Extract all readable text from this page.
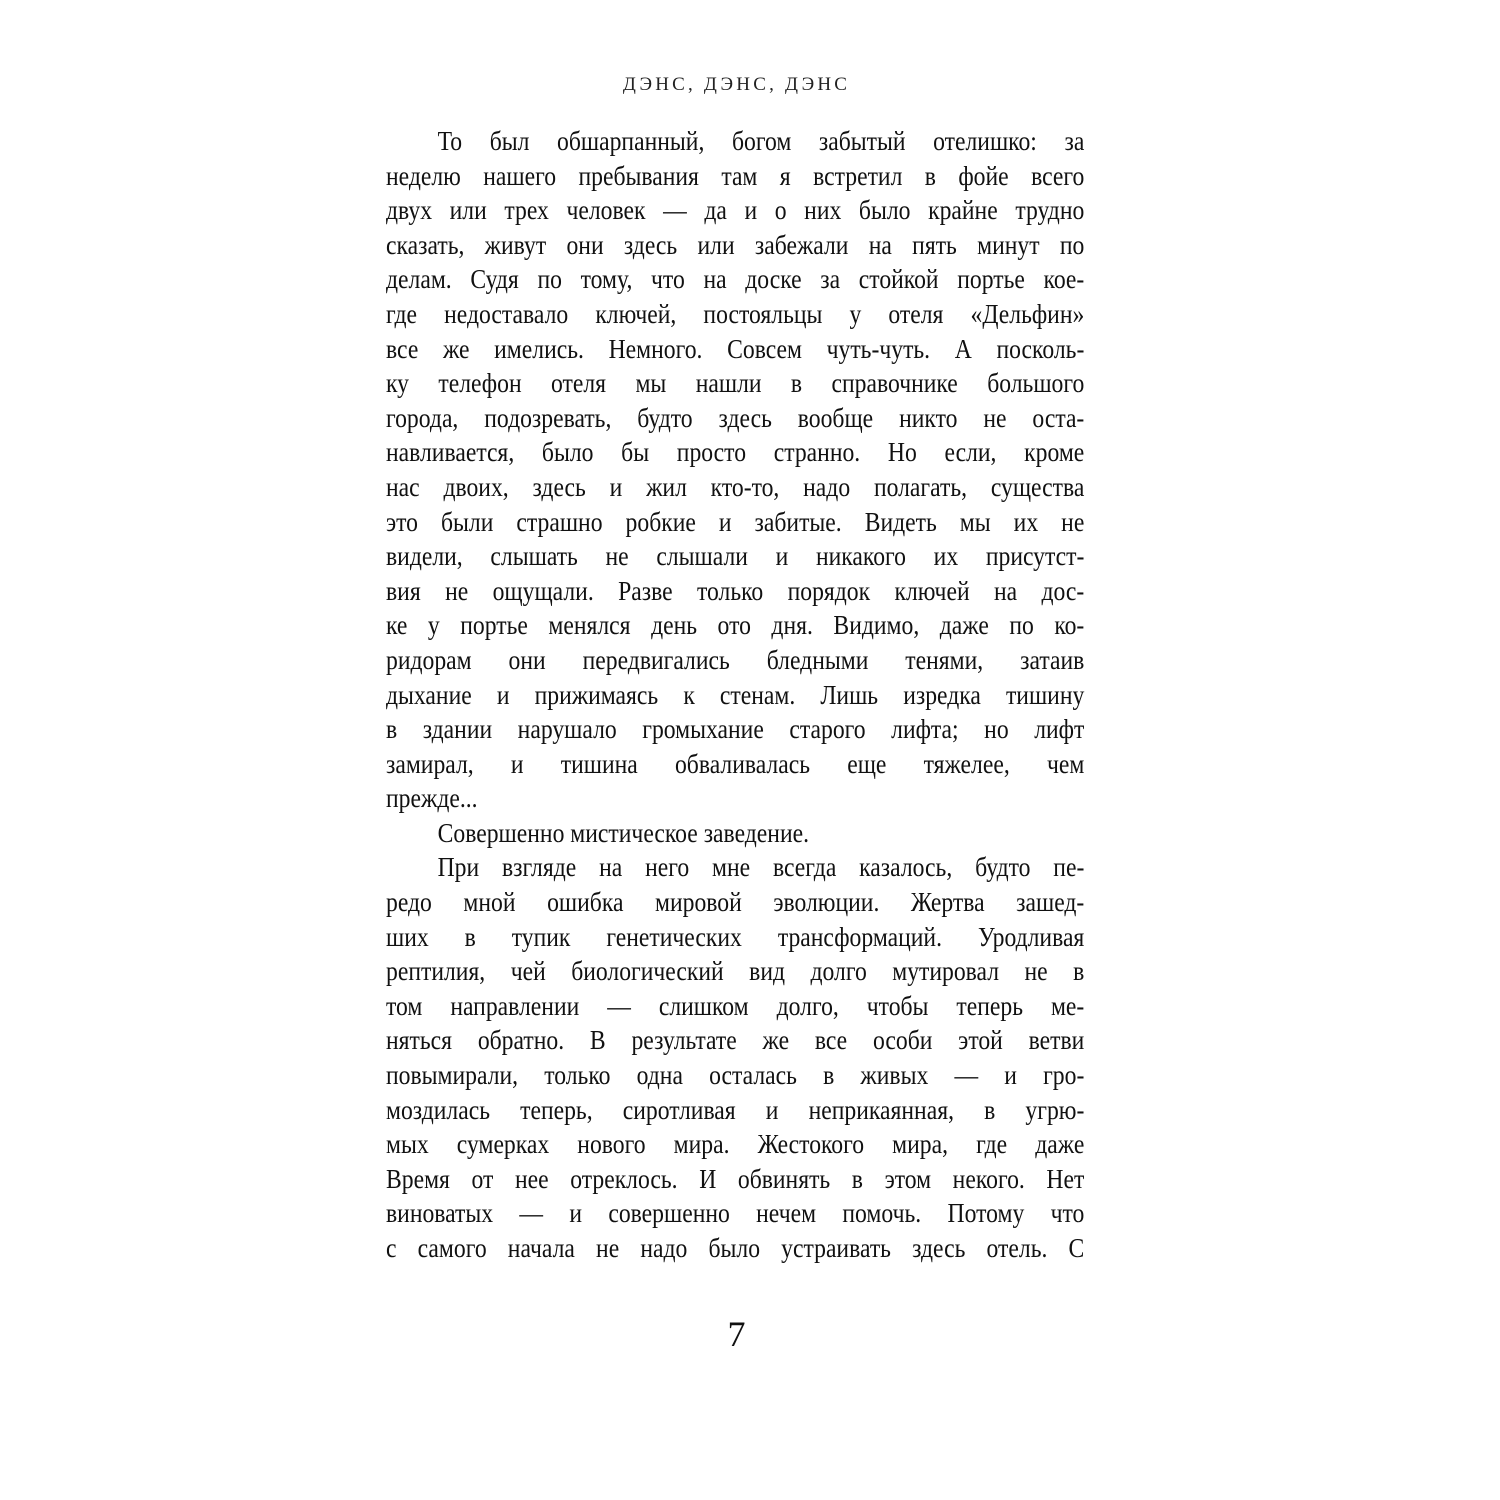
ДЭНС, ДЭНС, ДЭНС
То был обшарпанный, богом забытый отелишко: за
неделю нашего пребывания там я встретил в фойе всего
двух или трех человек — да и о них было крайне трудно
сказать, живут они здесь или забежали на пять минут по
делам. Судя по тому, что на доске за стойкой портье кое-
где недоставало ключей, постояльцы у отеля «Дельфин»
все же имелись. Немного. Совсем чуть-чуть. А посколь-
ку телефон отеля мы нашли в справочнике большого
города, подозревать, будто здесь вообще никто не оста-
навливается, было бы просто странно. Но если, кроме
нас двоих, здесь и жил кто-то, надо полагать, существа
это были страшно робкие и забитые. Видеть мы их не
видели, слышать не слышали и никакого их присутст-
вия не ощущали. Разве только порядок ключей на дос-
ке у портье менялся день ото дня. Видимо, даже по ко-
ридорам они передвигались бледными тенями, затаив
дыхание и прижимаясь к стенам. Лишь изредка тишину
в здании нарушало громыхание старого лифта; но лифт
замирал, и тишина обваливалась еще тяжелее, чем
прежде...
Совершенно мистическое заведение.
При взгляде на него мне всегда казалось, будто пе-
редо мной ошибка мировой эволюции. Жертва зашед-
ших в тупик генетических трансформаций. Уродливая
рептилия, чей биологический вид долго мутировал не в
том направлении — слишком долго, чтобы теперь ме-
няться обратно. В результате же все особи этой ветви
повымирали, только одна осталась в живых — и гро-
моздилась теперь, сиротливая и неприкаянная, в угрю-
мых сумерках нового мира. Жестокого мира, где даже
Время от нее отреклось. И обвинять в этом некого. Нет
виноватых — и совершенно нечем помочь. Потому что
с самого начала не надо было устраивать здесь отель. С
7
